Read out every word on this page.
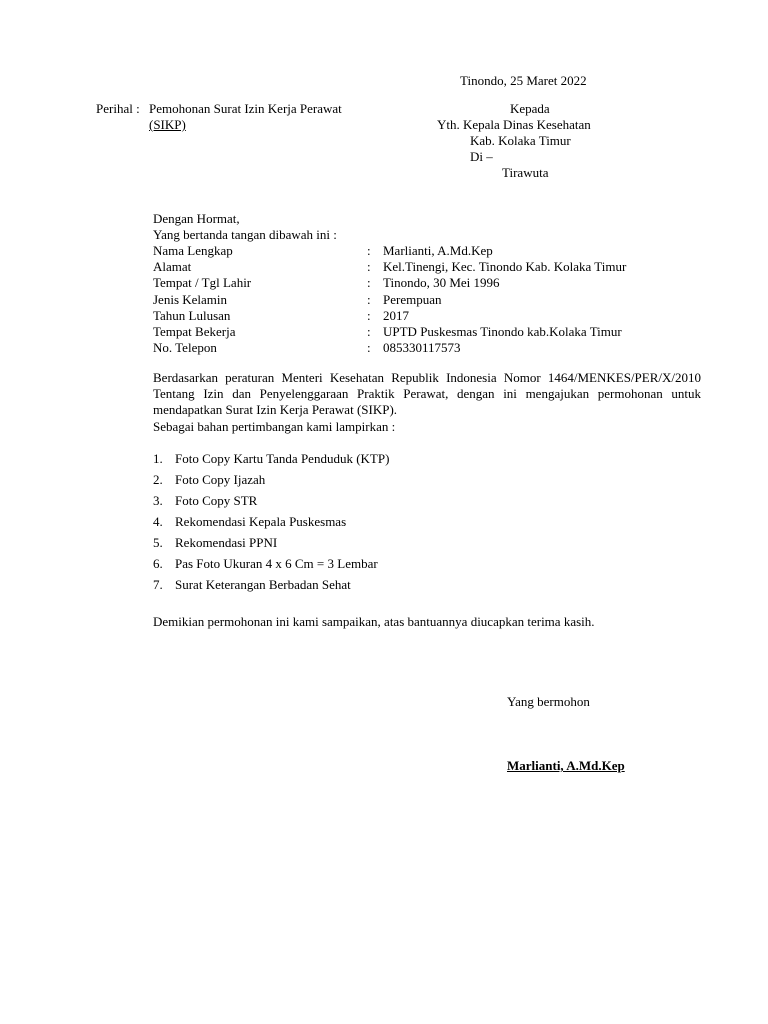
Tinondo, 25 Maret 2022
Perihal : Pemohonan Surat Izin Kerja Perawat
(SIKP)
Kepada
Yth. Kepala Dinas Kesehatan
Kab. Kolaka Timur
Di –
Tirawuta
Dengan Hormat,
Yang bertanda tangan dibawah ini :
Nama Lengkap	: Marlianti, A.Md.Kep
Alamat	: Kel.Tinengi, Kec. Tinondo Kab. Kolaka Timur
Tempat / Tgl Lahir	: Tinondo, 30 Mei 1996
Jenis Kelamin	: Perempuan
Tahun Lulusan	: 2017
Tempat Bekerja	: UPTD Puskesmas Tinondo kab.Kolaka Timur
No. Telepon	: 085330117573
Berdasarkan peraturan Menteri Kesehatan Republik Indonesia Nomor 1464/MENKES/PER/X/2010 Tentang Izin dan Penyelenggaraan Praktik Perawat, dengan ini mengajukan permohonan untuk mendapatkan Surat Izin Kerja Perawat (SIKP).
Sebagai bahan pertimbangan kami lampirkan :
1. Foto Copy Kartu Tanda Penduduk (KTP)
2. Foto Copy Ijazah
3. Foto Copy STR
4. Rekomendasi Kepala Puskesmas
5. Rekomendasi PPNI
6. Pas Foto Ukuran 4 x 6 Cm = 3 Lembar
7. Surat Keterangan Berbadan Sehat
Demikian permohonan ini kami sampaikan, atas bantuannya diucapkan terima kasih.
Yang bermohon
Marlianti, A.Md.Kep
